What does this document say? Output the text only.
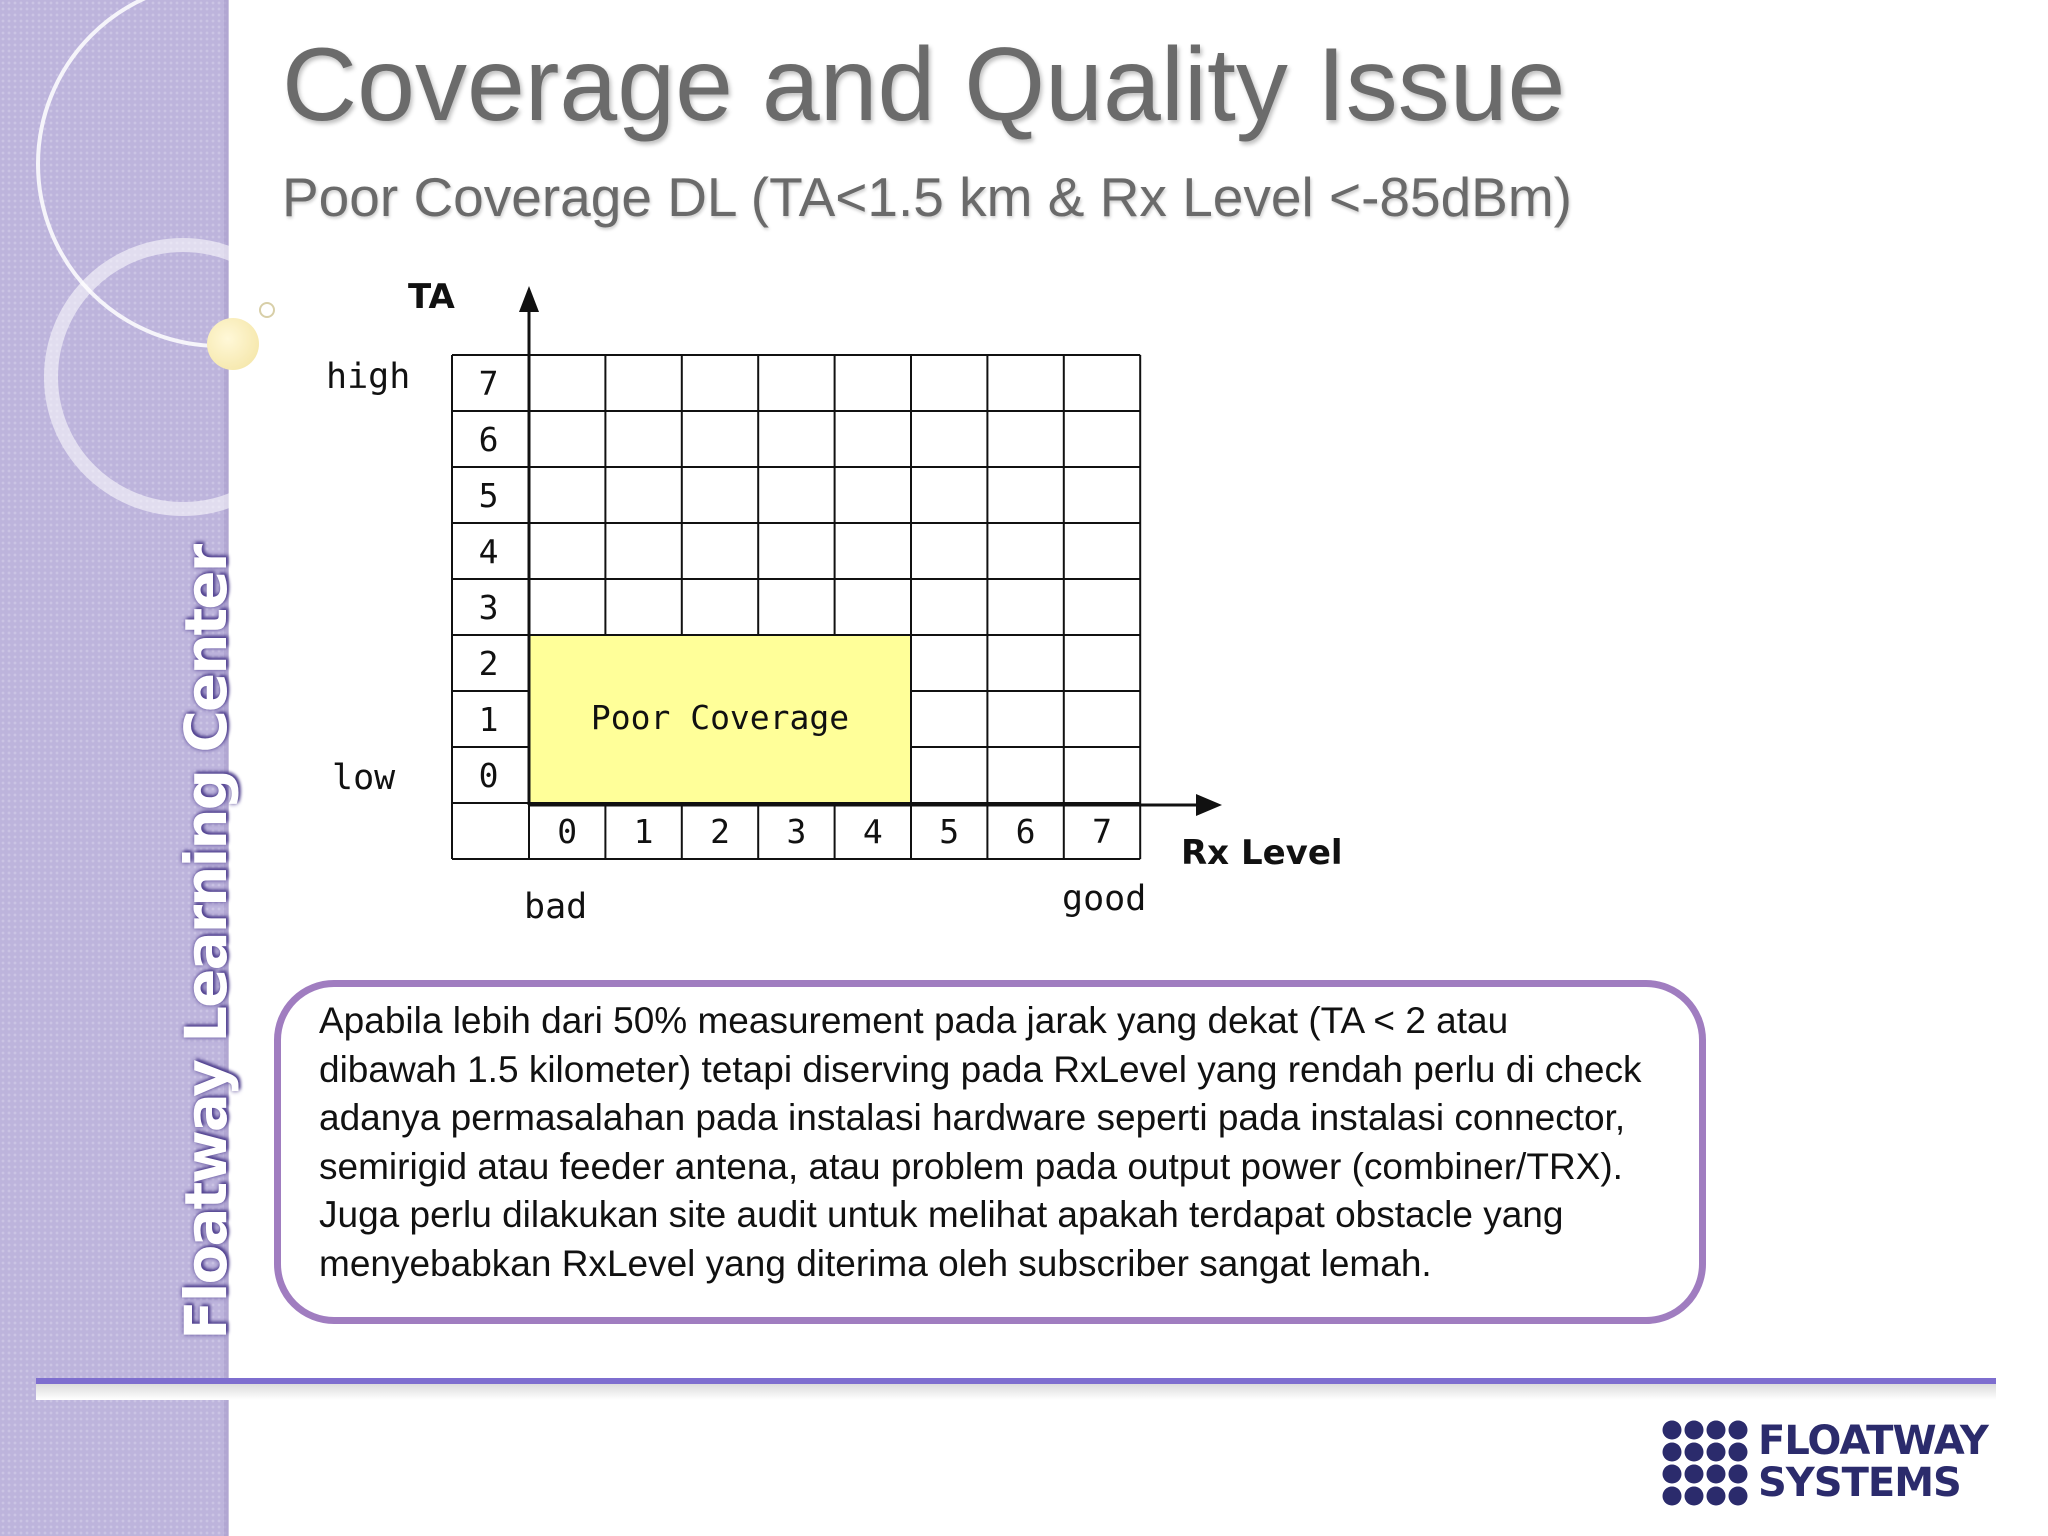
Floatway Learning Center
Coverage and Quality Issue
Poor Coverage DL (TA<1.5 km & Rx Level <-85dBm)
Poor Coverage
7
6
5
4
3
2
1
0
0 1 2 3 4 5 6 7
TA
Rx Level
high
low
bad	good
Apabila lebih dari 50% measurement pada jarak yang dekat (TA < 2 atau dibawah 1.5 kilometer) tetapi diserving pada RxLevel yang rendah perlu di check adanya permasalahan pada instalasi hardware seperti pada instalasi connector, semirigid atau feeder antena, atau problem pada output power (combiner/TRX). Juga perlu dilakukan site audit untuk melihat apakah terdapat obstacle yang menyebabkan RxLevel yang diterima oleh subscriber sangat lemah.
FLOATWAY
SYSTEMS
